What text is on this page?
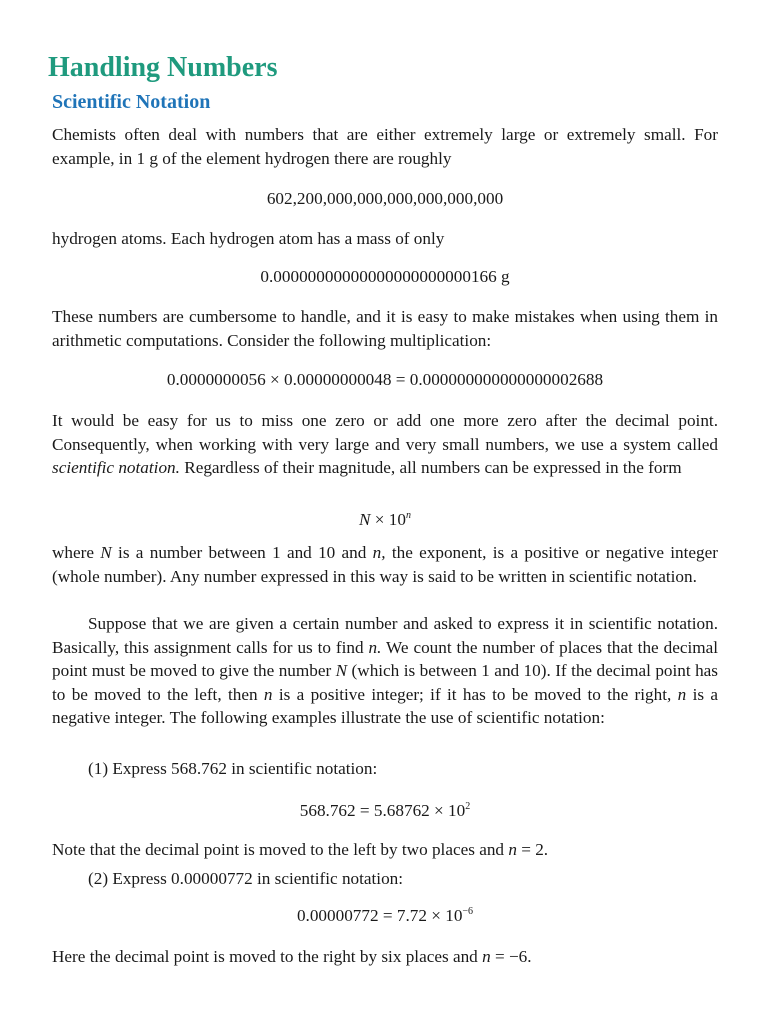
Handling Numbers
Scientific Notation

Chemists often deal with numbers that are either extremely large or extremely small. For example, in 1 g of the element hydrogen there are roughly

602,200,000,000,000,000,000,000

hydrogen atoms. Each hydrogen atom has a mass of only

0.00000000000000000000000166 g

These numbers are cumbersome to handle, and it is easy to make mistakes when using them in arithmetic computations. Consider the following multiplication:

0.0000000056 × 0.00000000048 = 0.000000000000000002688

It would be easy for us to miss one zero or add one more zero after the decimal point. Consequently, when working with very large and very small numbers, we use a system called scientific notation. Regardless of their magnitude, all numbers can be expressed in the form

$N \times 10^n$

where N is a number between 1 and 10 and n, the exponent, is a positive or negative integer (whole number). Any number expressed in this way is said to be written in scientific notation.

Suppose that we are given a certain number and asked to express it in scientific notation. Basically, this assignment calls for us to find n. We count the number of places that the decimal point must be moved to give the number N (which is between 1 and 10). If the decimal point has to be moved to the left, then n is a positive integer; if it has to be moved to the right, n is a negative integer. The following examples illustrate the use of scientific notation:

(1) Express 568.762 in scientific notation:

$568.762 = 5.68762 \times 10^2$

Note that the decimal point is moved to the left by two places and n = 2.

(2) Express 0.00000772 in scientific notation:

$0.00000772 = 7.72 \times 10^{-6}$

Here the decimal point is moved to the right by six places and n = −6.
